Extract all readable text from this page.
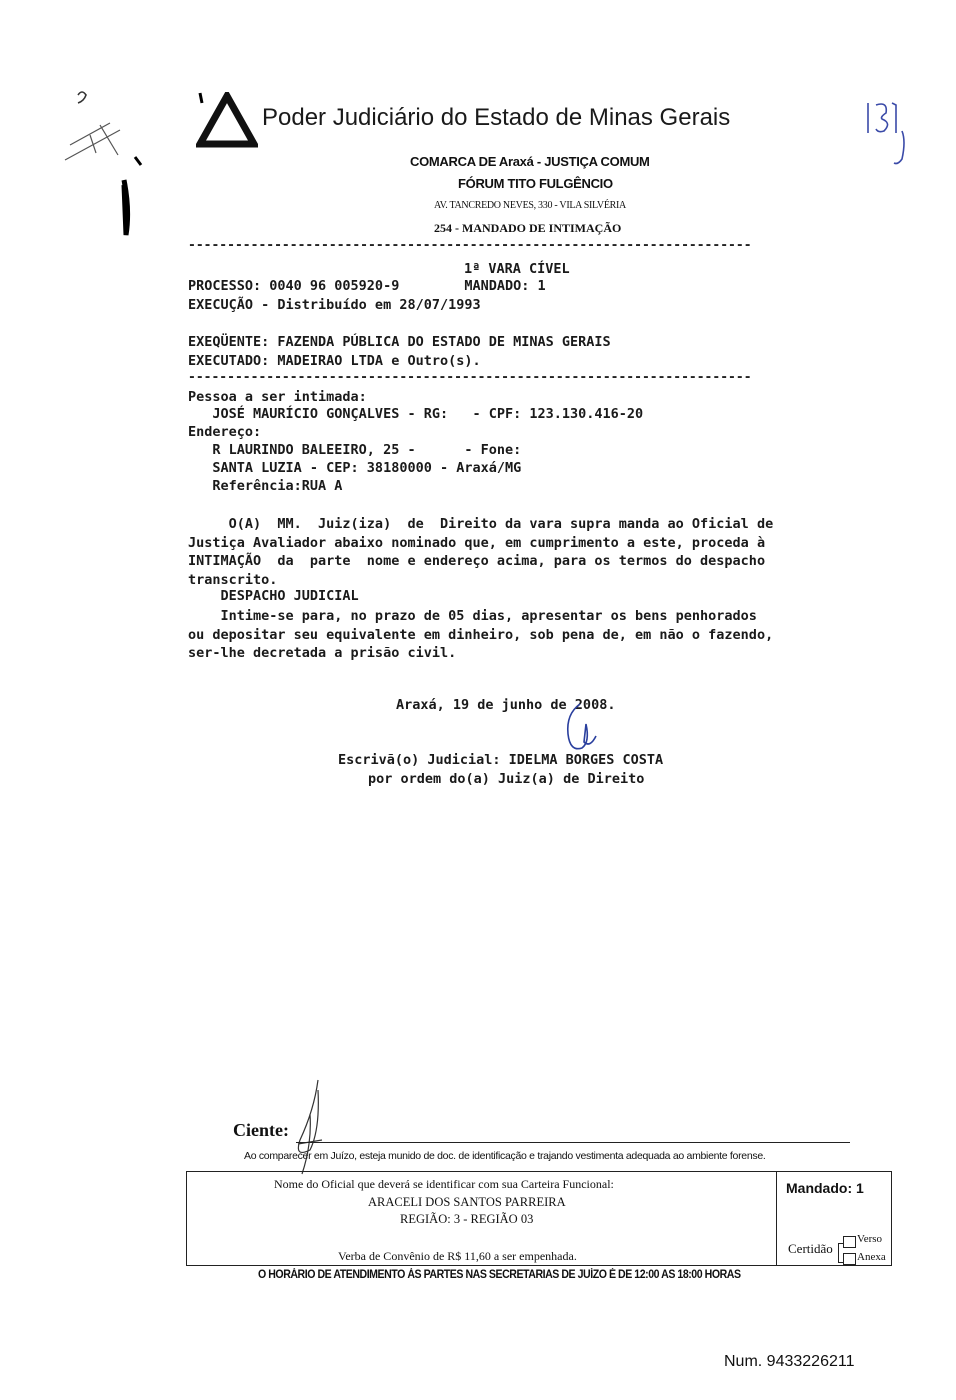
Poder Judiciário do Estado de Minas Gerais
COMARCA DE Araxá - JUSTIÇA COMUM
FÓRUM TITO FULGÊNCIO
AV. TANCREDO NEVES, 330 - VILA SILVÉRIA
254 - MANDADO DE INTIMAÇÃO
------------------------------------------------------------------------
1ª VARA CÍVEL
PROCESSO: 0040 96 005920-9        MANDADO: 1
EXECUÇÃO - Distribuído em 28/07/1993
EXEQÜENTE: FAZENDA PÚBLICA DO ESTADO DE MINAS GERAIS
EXECUTADO: MADEIRAO LTDA e Outro(s).
------------------------------------------------------------------------
Pessoa a ser intimada:
JOSÉ MAURÍCIO GONÇALVES - RG:   - CPF: 123.130.416-20
Endereço:
R LAURINDO BALEEIRO, 25 -      - Fone:
SANTA LUZIA - CEP: 38180000 - Araxá/MG
Referência:RUA A
O(A)  MM.  Juiz(iza)  de  Direito da vara supra manda ao Oficial de
Justiça Avaliador abaixo nominado que, em cumprimento a este, proceda à
INTIMAÇÃO  da  parte  nome e endereço acima, para os termos do despacho
transcrito.
DESPACHO JUDICIAL
Intime-se para, no prazo de 05 dias, apresentar os bens penhorados
ou depositar seu equivalente em dinheiro, sob pena de, em não o fazendo,
ser-lhe decretada a prisão civil.
Araxá, 19 de junho de 2008.
Escrivã(o) Judicial: IDELMA BORGES COSTA
por ordem do(a) Juiz(a) de Direito
Ciente:
Ao comparecer em Juízo, esteja munido de doc. de identificação e trajando vestimenta adequada ao ambiente forense.
Nome do Oficial que deverá se identificar com sua Carteira Funcional:
ARACELI DOS SANTOS PARREIRA
REGIÃO: 3 - REGIÃO 03
Verba de Convênio de R$ 11,60 a ser empenhada.
Mandado: 1
Certidão
Verso
Anexa
O HORÁRIO DE ATENDIMENTO ÀS PARTES NAS SECRETARIAS DE JUÍZO É DE 12:00 AS 18:00 HORAS
Num. 9433226211
